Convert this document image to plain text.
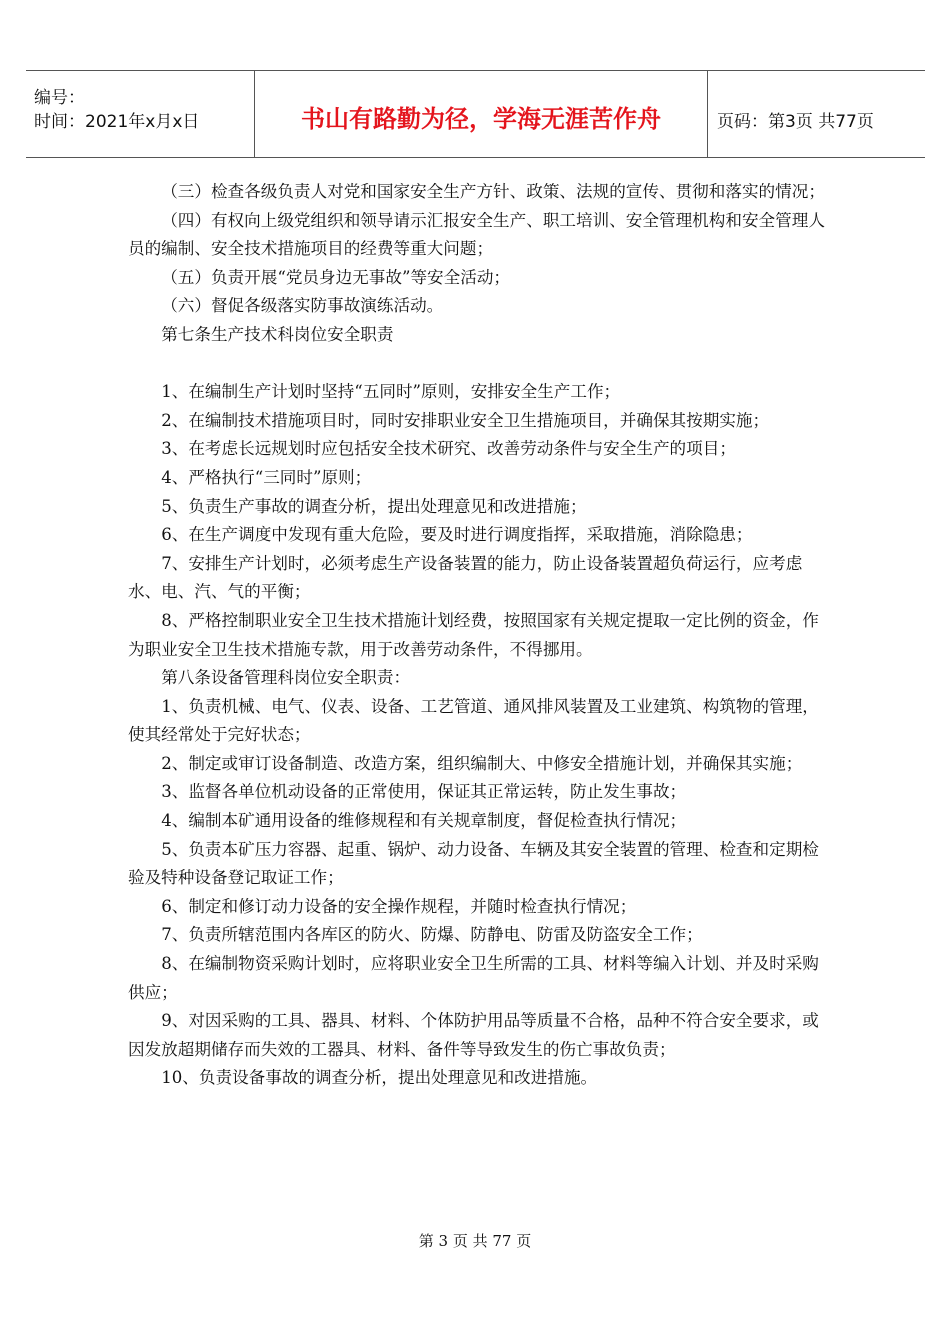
编号：
时间：2021年x月x日	书山有路勤为径，学海无涯苦作舟	页码：第3页 共77页

（三）检查各级负责人对党和国家安全生产方针、政策、法规的宣传、贯彻和落实的情况；

（四）有权向上级党组织和领导请示汇报安全生产、职工培训、安全管理机构和安全管理人员的编制、安全技术措施项目的经费等重大问题；

（五）负责开展“党员身边无事故”等安全活动；

（六）督促各级落实防事故演练活动。

第七条生产技术科岗位安全职责

1、在编制生产计划时坚持“五同时”原则，安排安全生产工作；

2、在编制技术措施项目时，同时安排职业安全卫生措施项目，并确保其按期实施；

3、在考虑长远规划时应包括安全技术研究、改善劳动条件与安全生产的项目；

4、严格执行“三同时”原则；

5、负责生产事故的调查分析，提出处理意见和改进措施；

6、在生产调度中发现有重大危险，要及时进行调度指挥，采取措施，消除隐患；

7、安排生产计划时，必须考虑生产设备装置的能力，防止设备装置超负荷运行，应考虑水、电、汽、气的平衡；

8、严格控制职业安全卫生技术措施计划经费，按照国家有关规定提取一定比例的资金，作为职业安全卫生技术措施专款，用于改善劳动条件，不得挪用。

第八条设备管理科岗位安全职责：

1、负责机械、电气、仪表、设备、工艺管道、通风排风装置及工业建筑、构筑物的管理，使其经常处于完好状态；

2、制定或审订设备制造、改造方案，组织编制大、中修安全措施计划，并确保其实施；

3、监督各单位机动设备的正常使用，保证其正常运转，防止发生事故；

4、编制本矿通用设备的维修规程和有关规章制度，督促检查执行情况；

5、负责本矿压力容器、起重、锅炉、动力设备、车辆及其安全装置的管理、检查和定期检验及特种设备登记取证工作；

6、制定和修订动力设备的安全操作规程，并随时检查执行情况；

7、负责所辖范围内各库区的防火、防爆、防静电、防雷及防盗安全工作；

8、在编制物资采购计划时，应将职业安全卫生所需的工具、材料等编入计划、并及时采购供应；

9、对因采购的工具、器具、材料、个体防护用品等质量不合格，品种不符合安全要求，或因发放超期储存而失效的工器具、材料、备件等导致发生的伤亡事故负责；

10、负责设备事故的调查分析，提出处理意见和改进措施。

第 3 页 共 77 页
